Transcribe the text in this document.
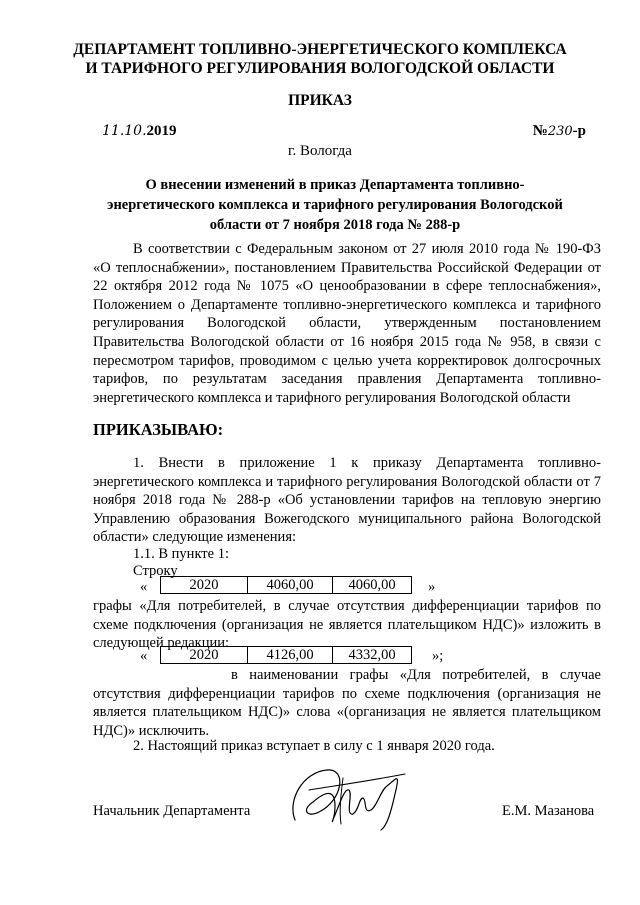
ДЕПАРТАМЕНТ ТОПЛИВНО-ЭНЕРГЕТИЧЕСКОГО КОМПЛЕКСА
И ТАРИФНОГО РЕГУЛИРОВАНИЯ ВОЛОГОДСКОЙ ОБЛАСТИ
ПРИКАЗ
11.10.2019	№230-р
г. Вологда
О внесении изменений в приказ Департамента топливно-
энергетического комплекса и тарифного регулирования Вологодской
области от 7 ноября 2018 года № 288-р
В соответствии с Федеральным законом от 27 июля 2010 года № 190-ФЗ «О теплоснабжении», постановлением Правительства Российской Федерации от 22 октября 2012 года № 1075 «О ценообразовании в сфере теплоснабжения», Положением о Департаменте топливно-энергетического комплекса и тарифного регулирования Вологодской области, утвержденным постановлением Правительства Вологодской области от 16 ноября 2015 года № 958, в связи с пересмотром тарифов, проводимом с целью учета корректировок долгосрочных тарифов, по результатам заседания правления Департамента топливно-энергетического комплекса и тарифного регулирования Вологодской области
ПРИКАЗЫВАЮ:
1. Внести в приложение 1 к приказу Департамента топливно-энергетического комплекса и тарифного регулирования Вологодской области от 7 ноября 2018 года № 288-р «Об установлении тарифов на тепловую энергию Управлению образования Вожегодского муниципального района Вологодской области» следующие изменения:
1.1. В пункте 1:
Строку
«	2020	4060,00	4060,00 »
графы «Для потребителей, в случае отсутствия дифференциации тарифов по схеме подключения (организация не является плательщиком НДС)» изложить в следующей редакции:
«	2020	4126,00	4332,00	»;
в наименовании графы «Для потребителей, в случае отсутствия дифференциации тарифов по схеме подключения (организация не является плательщиком НДС)» слова «(организация не является плательщиком НДС)» исключить.
2. Настоящий приказ вступает в силу с 1 января 2020 года.
Начальник Департамента	Е.М. Мазанова
